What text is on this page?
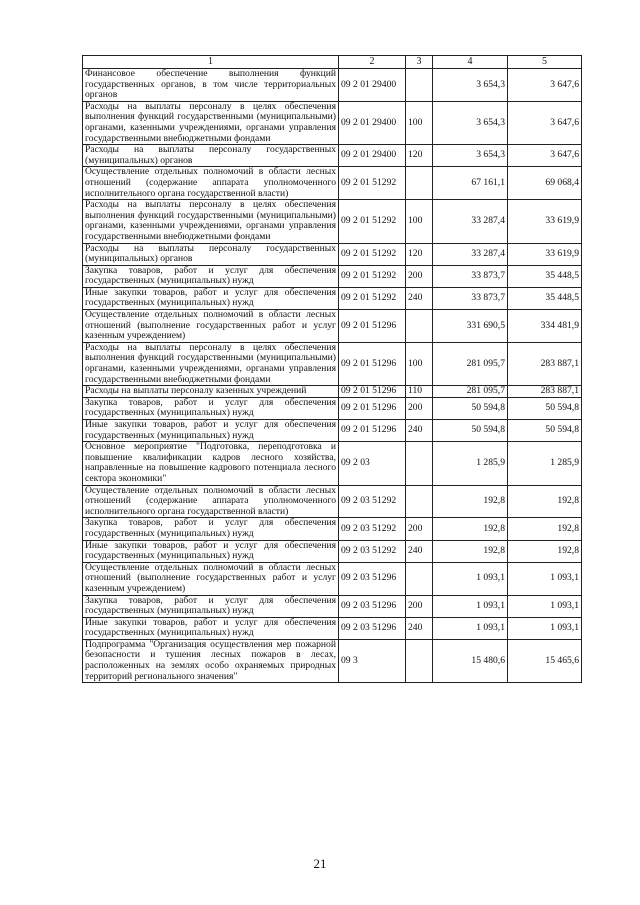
1	2	3	4	5
Финансовое обеспечение выполнения функций государственных органов, в том числе территориальных органов	09 2 01 29400		3 654,3	3 647,6
Расходы на выплаты персоналу в целях обеспечения выполнения функций государственными (муниципальными) органами, казенными учреждениями, органами управления государственными внебюджетными фондами	09 2 01 29400	100	3 654,3	3 647,6
Расходы на выплаты персоналу государственных (муниципальных) органов	09 2 01 29400	120	3 654,3	3 647,6
Осуществление отдельных полномочий в области лесных отношений (содержание аппарата уполномоченного исполнительного органа государственной власти)	09 2 01 51292		67 161,1	69 068,4
Расходы на выплаты персоналу в целях обеспечения выполнения функций государственными (муниципальными) органами, казенными учреждениями, органами управления государственными внебюджетными фондами	09 2 01 51292	100	33 287,4	33 619,9
Расходы на выплаты персоналу государственных (муниципальных) органов	09 2 01 51292	120	33 287,4	33 619,9
Закупка товаров, работ и услуг для обеспечения государственных (муниципальных) нужд	09 2 01 51292	200	33 873,7	35 448,5
Иные закупки товаров, работ и услуг для обеспечения государственных (муниципальных) нужд	09 2 01 51292	240	33 873,7	35 448,5
Осуществление отдельных полномочий в области лесных отношений (выполнение государственных работ и услуг казенным учреждением)	09 2 01 51296		331 690,5	334 481,9
Расходы на выплаты персоналу в целях обеспечения выполнения функций государственными (муниципальными) органами, казенными учреждениями, органами управления государственными внебюджетными фондами	09 2 01 51296	100	281 095,7	283 887,1
Расходы на выплаты персоналу казенных учреждений	09 2 01 51296	110	281 095,7	283 887,1
Закупка товаров, работ и услуг для обеспечения государственных (муниципальных) нужд	09 2 01 51296	200	50 594,8	50 594,8
Иные закупки товаров, работ и услуг для обеспечения государственных (муниципальных) нужд	09 2 01 51296	240	50 594,8	50 594,8
Основное мероприятие "Подготовка, переподготовка и повышение квалификации кадров лесного хозяйства, направленные на повышение кадрового потенциала лесного сектора экономики"	09 2 03		1 285,9	1 285,9
Осуществление отдельных полномочий в области лесных отношений (содержание аппарата уполномоченного исполнительного органа государственной власти)	09 2 03 51292		192,8	192,8
Закупка товаров, работ и услуг для обеспечения государственных (муниципальных) нужд	09 2 03 51292	200	192,8	192,8
Иные закупки товаров, работ и услуг для обеспечения государственных (муниципальных) нужд	09 2 03 51292	240	192,8	192,8
Осуществление отдельных полномочий в области лесных отношений (выполнение государственных работ и услуг казенным учреждением)	09 2 03 51296		1 093,1	1 093,1
Закупка товаров, работ и услуг для обеспечения государственных (муниципальных) нужд	09 2 03 51296	200	1 093,1	1 093,1
Иные закупки товаров, работ и услуг для обеспечения государственных (муниципальных) нужд	09 2 03 51296	240	1 093,1	1 093,1
Подпрограмма "Организация осуществления мер пожарной безопасности и тушения лесных пожаров в лесах, расположенных на землях особо охраняемых природных территорий регионального значения"	09 3		15 480,6	15 465,6
21
